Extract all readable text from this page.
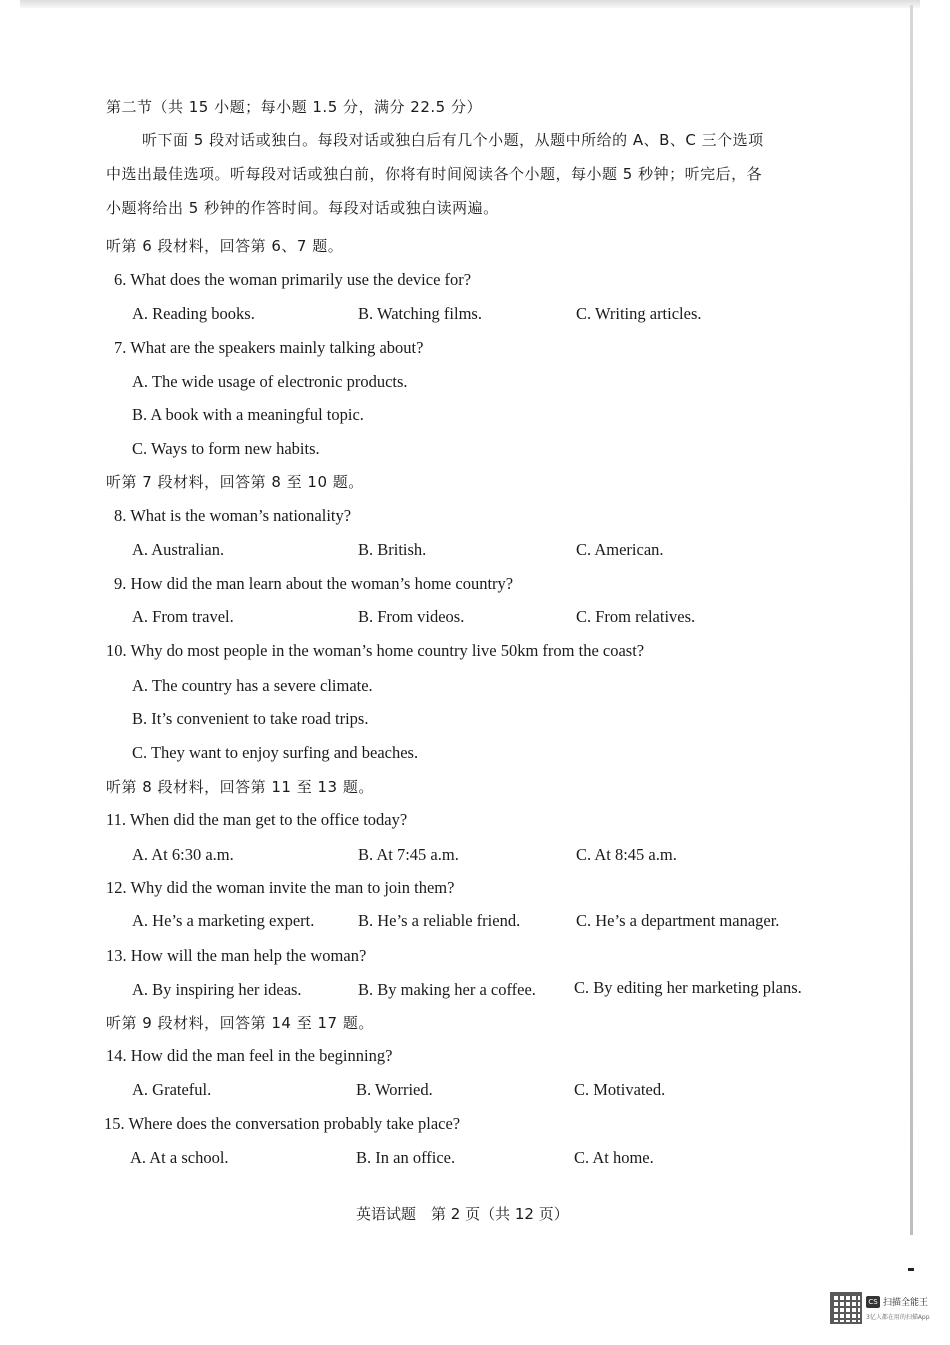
第二节（共 15 小题；每小题 1.5 分，满分 22.5 分）
听下面 5 段对话或独白。每段对话或独白后有几个小题，从题中所给的 A、B、C 三个选项
中选出最佳选项。听每段对话或独白前，你将有时间阅读各个小题，每小题 5 秒钟；听完后，各
小题将给出 5 秒钟的作答时间。每段对话或独白读两遍。
听第 6 段材料，回答第 6、7 题。
6. What does the woman primarily use the device for?
A. Reading books.	B. Watching films.	C. Writing articles.
7. What are the speakers mainly talking about?
A. The wide usage of electronic products.
B. A book with a meaningful topic.
C. Ways to form new habits.
听第 7 段材料，回答第 8 至 10 题。
8. What is the woman’s nationality?
A. Australian.	B. British.	C. American.
9. How did the man learn about the woman’s home country?
A. From travel.	B. From videos.	C. From relatives.
10. Why do most people in the woman’s home country live 50km from the coast?
A. The country has a severe climate.
B. It’s convenient to take road trips.
C. They want to enjoy surfing and beaches.
听第 8 段材料，回答第 11 至 13 题。
11. When did the man get to the office today?
A. At 6:30 a.m.	B. At 7:45 a.m.	C. At 8:45 a.m.
12. Why did the woman invite the man to join them?
A. He’s a marketing expert.	B. He’s a reliable friend.	C. He’s a department manager.
13. How will the man help the woman?
A. By inspiring her ideas.	B. By making her a coffee. C. By editing her marketing plans.
听第 9 段材料，回答第 14 至 17 题。
14. How did the man feel in the beginning?
A. Grateful.	B. Worried.	C. Motivated.
15. Where does the conversation probably take place?
A. At a school.	B. In an office.	C. At home.
英语试题　第 2 页（共 12 页）
CS 扫描全能王
3亿人都在用的扫描App
